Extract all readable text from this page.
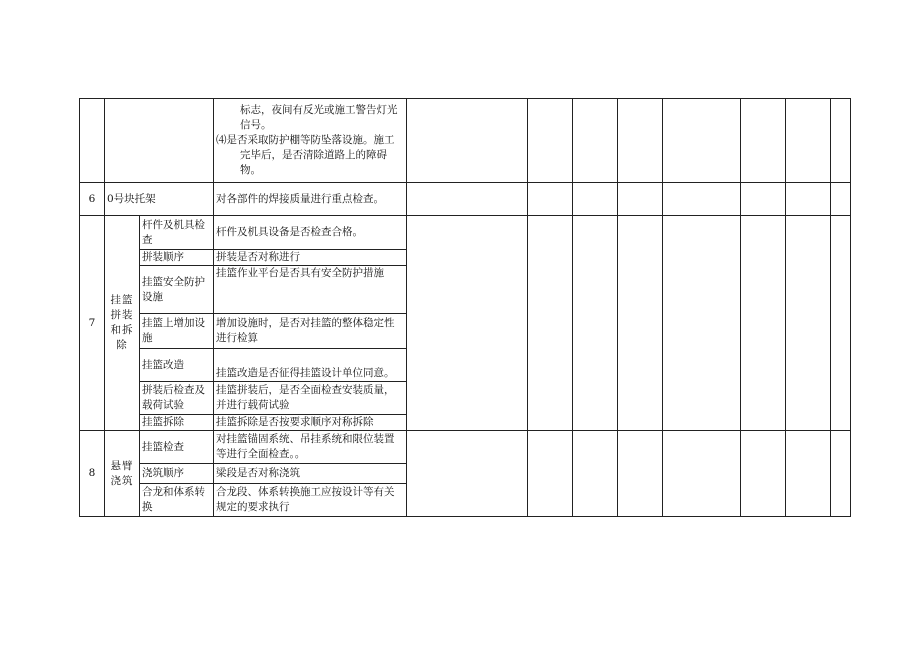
			标志，夜间有反光或施工警告灯光
信号。
⑷是否采取防护棚等防坠落设施。施工
完毕后，是否清除道路上的障碍物。								

6	0号块托架		对各部件的焊接质量进行重点检查。								
7	挂篮拼装和拆除	杆件及机具检查	杆件及机具设备是否检查合格。								
		拼装顺序	拼装是否对称进行								
		挂篮安全防护设施	挂篮作业平台是否具有安全防护措施								
		挂篮上增加设施	增加设施时，是否对挂篮的整体稳定性进行检算								
		挂篮改造	挂篮改造是否征得挂篮设计单位同意。								
		拼装后检查及载荷试验	挂篮拼装后，是否全面检查安装质量，并进行载荷试验								
		挂篮拆除	挂篮拆除是否按要求顺序对称拆除								
8	悬臂浇筑	挂篮检查	对挂篮锚固系统、吊挂系统和限位装置等进行全面检查。。								
		浇筑顺序	梁段是否对称浇筑								
		合龙和体系转换	合龙段、体系转换施工应按设计等有关规定的要求执行								
